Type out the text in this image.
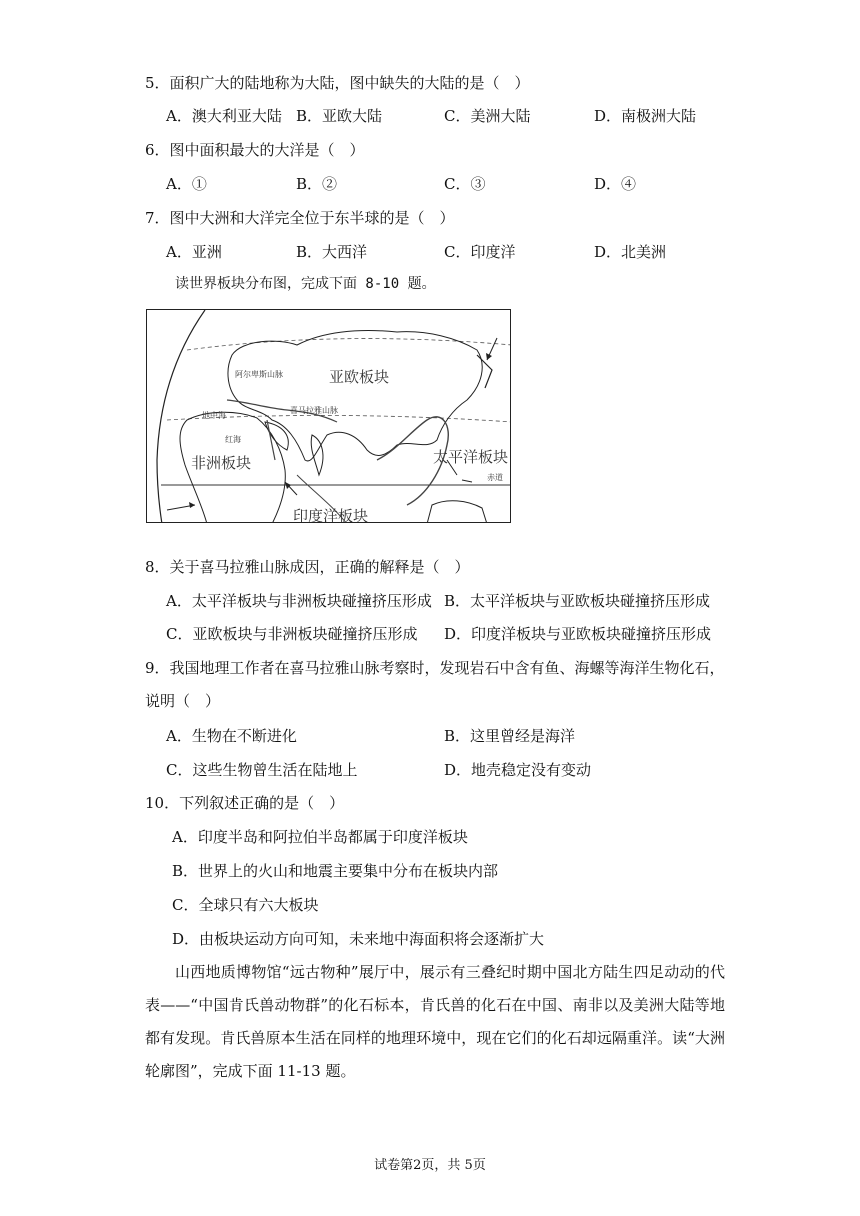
5．面积广大的陆地称为大陆，图中缺失的大陆的是（　）
A．澳大利亚大陆 B．亚欧大陆	C．美洲大陆	D．南极洲大陆
6．图中面积最大的大洋是（　）
A．①	B．②	C．③	D．④
7．图中大洲和大洋完全位于东半球的是（　）
A．亚洲	B．大西洋	C．印度洋	D．北美洲
读世界板块分布图，完成下面 8-10 题。
亚欧板块
非洲板块	太平洋板块
印度洋板块
阿尔卑斯山脉
喜马拉雅山脉
地中海
红海
赤道
8．关于喜马拉雅山脉成因，正确的解释是（　）
A．太平洋板块与非洲板块碰撞挤压形成 B．太平洋板块与亚欧板块碰撞挤压形成
C．亚欧板块与非洲板块碰撞挤压形成 D．印度洋板块与亚欧板块碰撞挤压形成
9．我国地理工作者在喜马拉雅山脉考察时，发现岩石中含有鱼、海螺等海洋生物化石，
说明（　）
A．生物在不断进化	B．这里曾经是海洋
C．这些生物曾生活在陆地上	D．地壳稳定没有变动
10．下列叙述正确的是（　）
A．印度半岛和阿拉伯半岛都属于印度洋板块
B．世界上的火山和地震主要集中分布在板块内部
C．全球只有六大板块
D．由板块运动方向可知，未来地中海面积将会逐渐扩大
山西地质博物馆“远古物种”展厅中，展示有三叠纪时期中国北方陆生四足动动的代表——“中国肯氏兽动物群”的化石标本，肯氏兽的化石在中国、南非以及美洲大陆等地都有发现。肯氏兽原本生活在同样的地理环境中，现在它们的化石却远隔重洋。读“大洲轮廓图”，完成下面 11-13 题。
试卷第2页，共 5页
